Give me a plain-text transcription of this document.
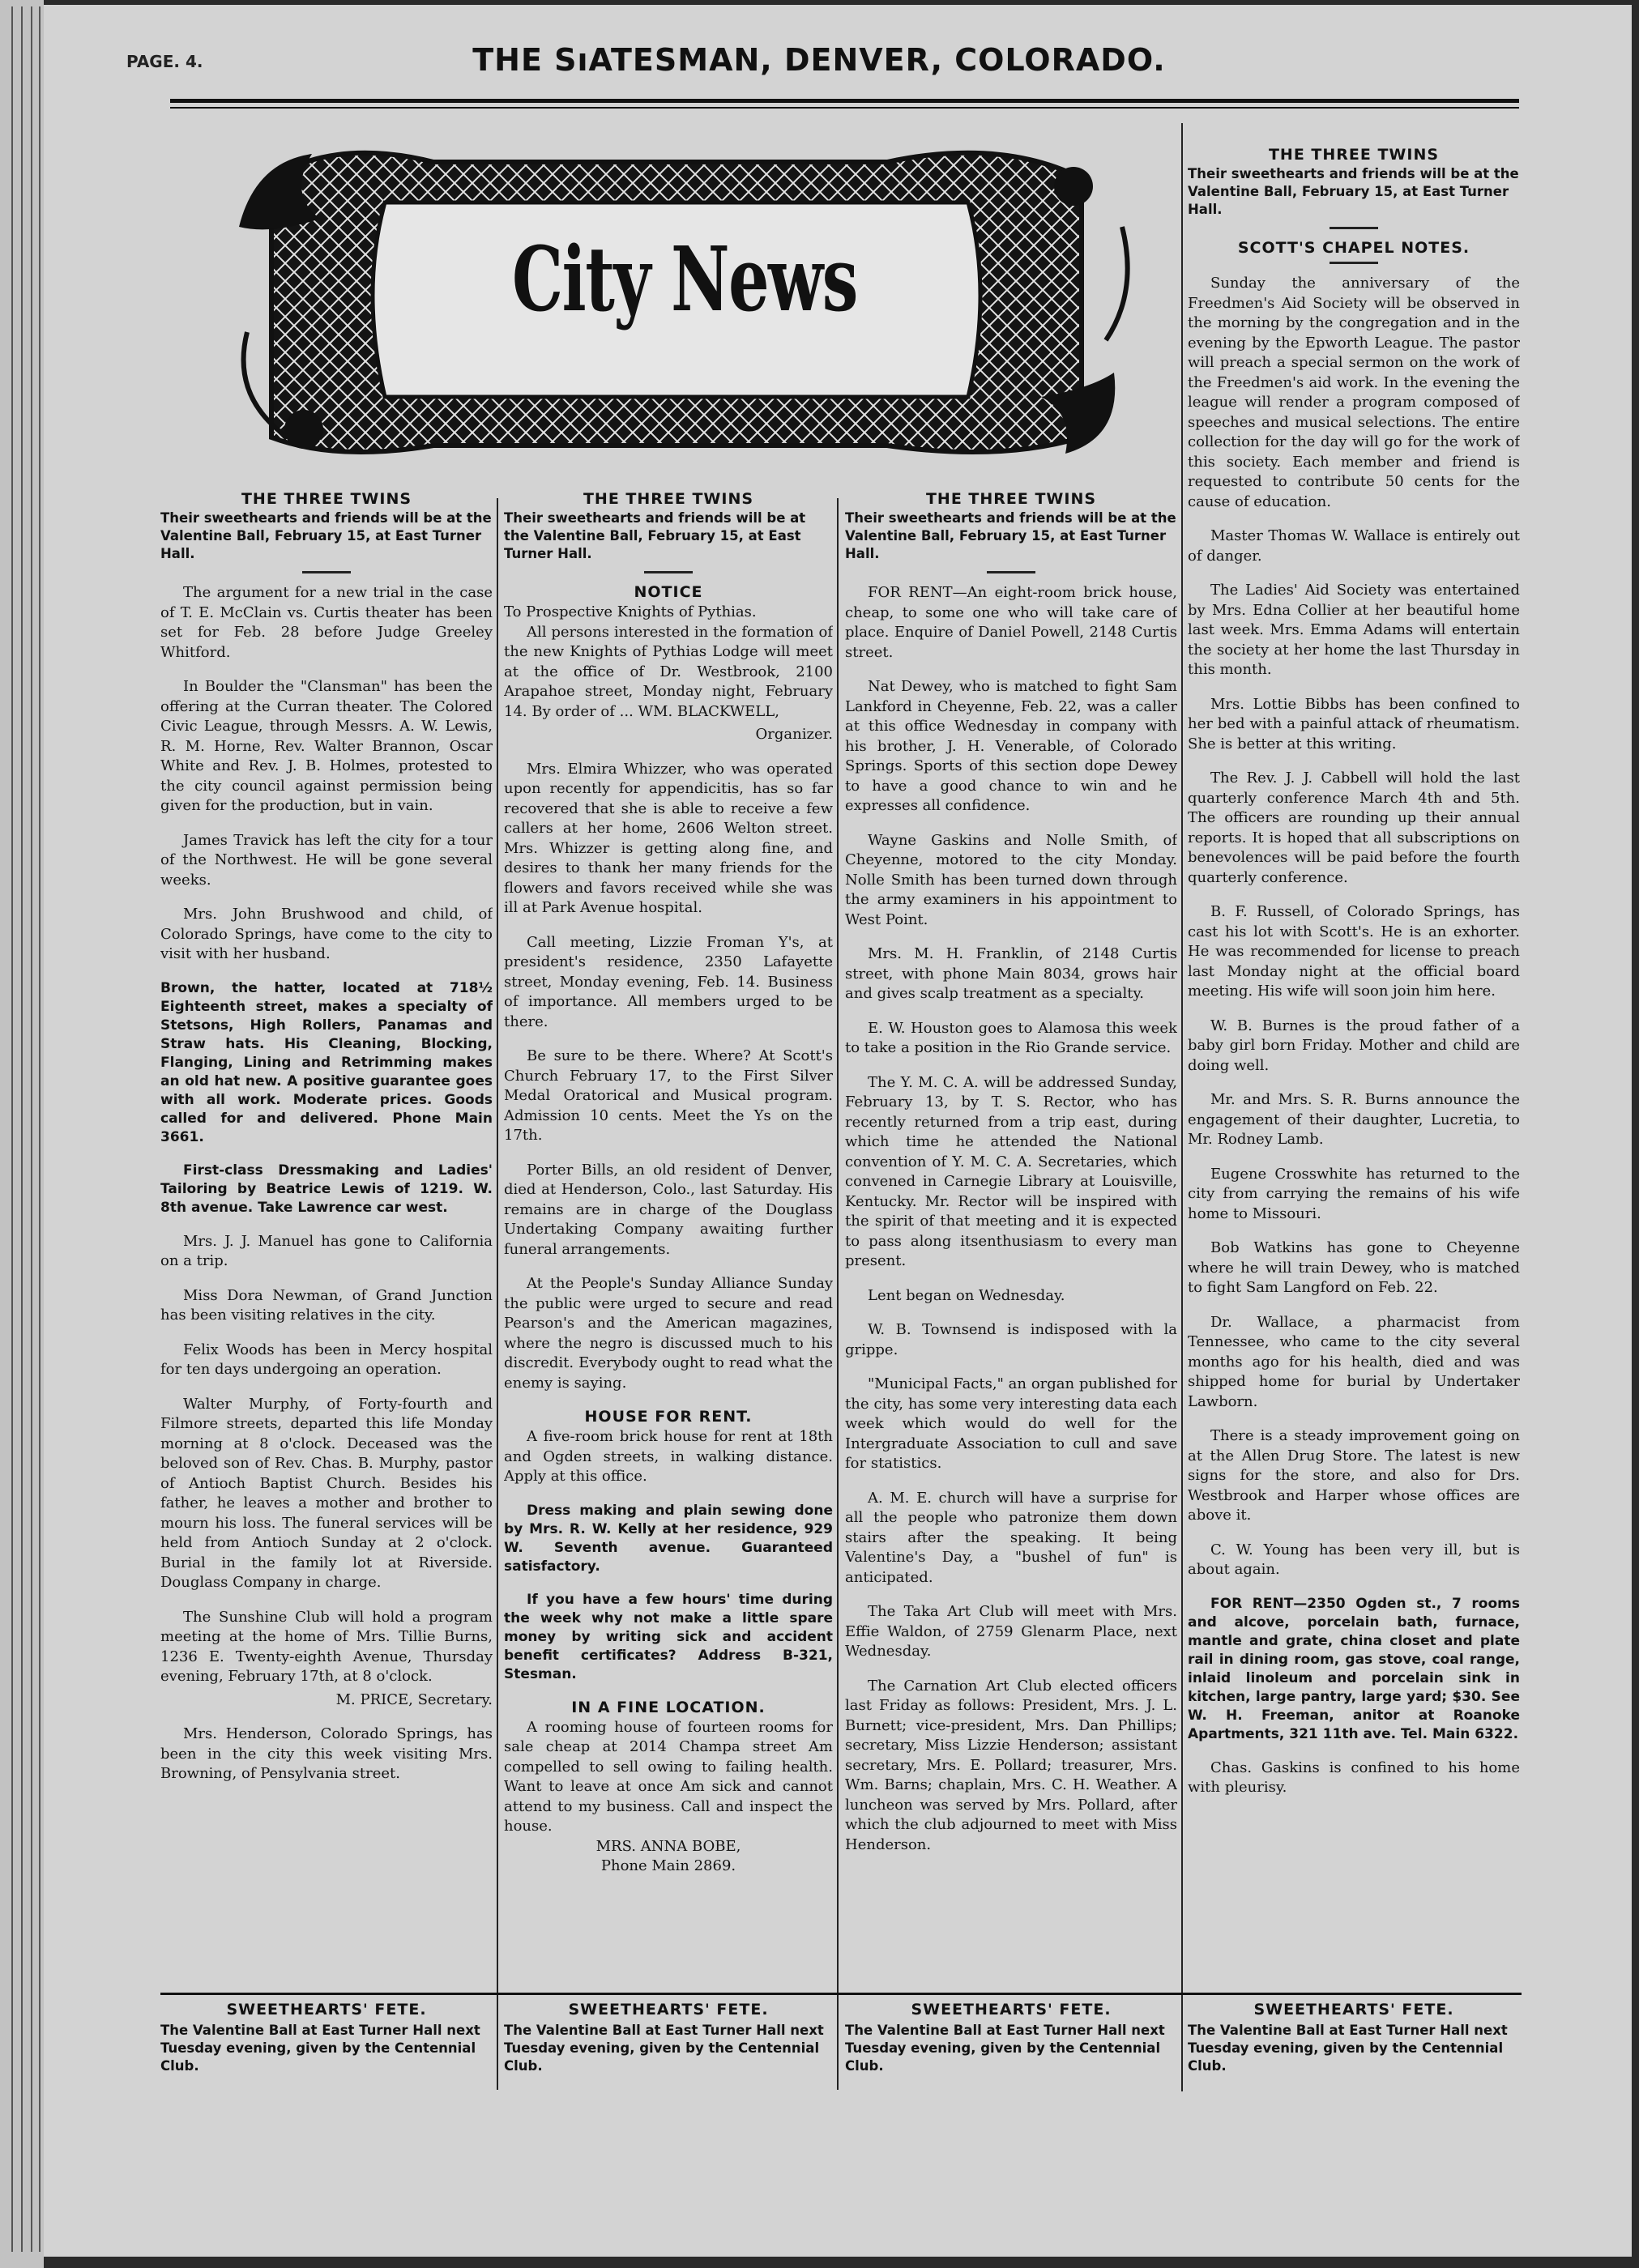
PAGE. 4.	THE SıATESMAN, DENVER, COLORADO.
City News
THE THREE TWINS
Their sweethearts and friends will be at the Valentine Ball, February 15, at East Turner Hall.

The argument for a new trial in the case of T. E. McClain vs. Curtis theater has been set for Feb. 28 before Judge Greeley Whitford.

In Boulder the "Clansman" has been the offering at the Curran theater. The Colored Civic League, through Messrs. A. W. Lewis, R. M. Horne, Rev. Walter Brannon, Oscar White and Rev. J. B. Holmes, protested to the city council against permission being given for the production, but in vain.

James Travick has left the city for a tour of the Northwest. He will be gone several weeks.

Mrs. John Brushwood and child, of Colorado Springs, have come to the city to visit with her husband.

Brown, the hatter, located at 718½ Eighteenth street, makes a specialty of Stetsons, High Rollers, Panamas and Straw hats. His Cleaning, Blocking, Flanging, Lining and Retrimming makes an old hat new. A positive guarantee goes with all work. Moderate prices. Goods called for and delivered. Phone Main 3661.

First-class Dressmaking and Ladies' Tailoring by Beatrice Lewis of 1219. W. 8th avenue. Take Lawrence car west.

Mrs. J. J. Manuel has gone to California on a trip.

Miss Dora Newman, of Grand Junction has been visiting relatives in the city.

Felix Woods has been in Mercy hospital for ten days undergoing an operation.

Walter Murphy, of Forty-fourth and Filmore streets, departed this life Monday morning at 8 o'clock. Deceased was the beloved son of Rev. Chas. B. Murphy, pastor of Antioch Baptist Church. Besides his father, he leaves a mother and brother to mourn his loss. The funeral services will be held from Antioch Sunday at 2 o'clock. Burial in the family lot at Riverside. Douglass Company in charge.

The Sunshine Club will hold a program meeting at the home of Mrs. Tillie Burns, 1236 E. Twenty-eighth Avenue, Thursday evening, February 17th, at 8 o'clock.

M. PRICE, Secretary.

Mrs. Henderson, Colorado Springs, has been in the city this week visiting Mrs. Browning, of Pensylvania street.

THE THREE TWINS
Their sweethearts and friends will be at the Valentine Ball, February 15, at East Turner Hall.
NOTICE

To Prospective Knights of Pythias.

All persons interested in the formation of the new Knights of Pythias Lodge will meet at the office of Dr. Westbrook, 2100 Arapahoe street, Monday night, February 14. By order of ... WM. BLACKWELL,

Organizer.

Mrs. Elmira Whizzer, who was operated upon recently for appendicitis, has so far recovered that she is able to receive a few callers at her home, 2606 Welton street. Mrs. Whizzer is getting along fine, and desires to thank her many friends for the flowers and favors received while she was ill at Park Avenue hospital.

Call meeting, Lizzie Froman Y's, at president's residence, 2350 Lafayette street, Monday evening, Feb. 14. Business of importance. All members urged to be there.

Be sure to be there. Where? At Scott's Church February 17, to the First Silver Medal Oratorical and Musical program. Admission 10 cents. Meet the Ys on the 17th.

Porter Bills, an old resident of Denver, died at Henderson, Colo., last Saturday. His remains are in charge of the Douglass Undertaking Company awaiting further funeral arrangements.

At the People's Sunday Alliance Sunday the public were urged to secure and read Pearson's and the American magazines, where the negro is discussed much to his discredit. Everybody ought to read what the enemy is saying.

HOUSE FOR RENT.

A five-room brick house for rent at 18th and Ogden streets, in walking distance. Apply at this office.

Dress making and plain sewing done by Mrs. R. W. Kelly at her residence, 929 W. Seventh avenue. Guaranteed satisfactory.

If you have a few hours' time during the week why not make a little spare money by writing sick and accident benefit certificates? Address B-321, Stesman.

IN A FINE LOCATION.

A rooming house of fourteen rooms for sale cheap at 2014 Champa street Am compelled to sell owing to failing health. Want to leave at once Am sick and cannot attend to my business. Call and inspect the house.

MRS. ANNA BOBE,

Phone Main 2869.

THE THREE TWINS
Their sweethearts and friends will be at the Valentine Ball, February 15, at East Turner Hall.

FOR RENT—An eight-room brick house, cheap, to some one who will take care of place. Enquire of Daniel Powell, 2148 Curtis street.

Nat Dewey, who is matched to fight Sam Lankford in Cheyenne, Feb. 22, was a caller at this office Wednesday in company with his brother, J. H. Venerable, of Colorado Springs. Sports of this section dope Dewey to have a good chance to win and he expresses all confidence.

Wayne Gaskins and Nolle Smith, of Cheyenne, motored to the city Monday. Nolle Smith has been turned down through the army examiners in his appointment to West Point.

Mrs. M. H. Franklin, of 2148 Curtis street, with phone Main 8034, grows hair and gives scalp treatment as a specialty.

E. W. Houston goes to Alamosa this week to take a position in the Rio Grande service.

The Y. M. C. A. will be addressed Sunday, February 13, by T. S. Rector, who has recently returned from a trip east, during which time he attended the National convention of Y. M. C. A. Secretaries, which convened in Carnegie Library at Louisville, Kentucky. Mr. Rector will be inspired with the spirit of that meeting and it is expected to pass along itsenthusiasm to every man present.

Lent began on Wednesday.

W. B. Townsend is indisposed with la grippe.

"Municipal Facts," an organ published for the city, has some very interesting data each week which would do well for the Intergraduate Association to cull and save for statistics.

A. M. E. church will have a surprise for all the people who patronize them down stairs after the speaking. It being Valentine's Day, a "bushel of fun" is anticipated.

The Taka Art Club will meet with Mrs. Effie Waldon, of 2759 Glenarm Place, next Wednesday.

The Carnation Art Club elected officers last Friday as follows: President, Mrs. J. L. Burnett; vice-president, Mrs. Dan Phillips; secretary, Miss Lizzie Henderson; assistant secretary, Mrs. E. Pollard; treasurer, Mrs. Wm. Barns; chaplain, Mrs. C. H. Weather. A luncheon was served by Mrs. Pollard, after which the club adjourned to meet with Miss Henderson.

THE THREE TWINS
Their sweethearts and friends will be at the Valentine Ball, February 15, at East Turner Hall.
SCOTT'S CHAPEL NOTES.

Sunday the anniversary of the Freedmen's Aid Society will be observed in the morning by the congregation and in the evening by the Epworth League. The pastor will preach a special sermon on the work of the Freedmen's aid work. In the evening the league will render a program composed of speeches and musical selections. The entire collection for the day will go for the work of this society. Each member and friend is requested to contribute 50 cents for the cause of education.

Master Thomas W. Wallace is entirely out of danger.

The Ladies' Aid Society was entertained by Mrs. Edna Collier at her beautiful home last week. Mrs. Emma Adams will entertain the society at her home the last Thursday in this month.

Mrs. Lottie Bibbs has been confined to her bed with a painful attack of rheumatism. She is better at this writing.

The Rev. J. J. Cabbell will hold the last quarterly conference March 4th and 5th. The officers are rounding up their annual reports. It is hoped that all subscriptions on benevolences will be paid before the fourth quarterly conference.

B. F. Russell, of Colorado Springs, has cast his lot with Scott's. He is an exhorter. He was recommended for license to preach last Monday night at the official board meeting. His wife will soon join him here.

W. B. Burnes is the proud father of a baby girl born Friday. Mother and child are doing well.

Mr. and Mrs. S. R. Burns announce the engagement of their daughter, Lucretia, to Mr. Rodney Lamb.

Eugene Crosswhite has returned to the city from carrying the remains of his wife home to Missouri.

Bob Watkins has gone to Cheyenne where he will train Dewey, who is matched to fight Sam Langford on Feb. 22.

Dr. Wallace, a pharmacist from Tennessee, who came to the city several months ago for his health, died and was shipped home for burial by Undertaker Lawborn.

There is a steady improvement going on at the Allen Drug Store. The latest is new signs for the store, and also for Drs. Westbrook and Harper whose offices are above it.

C. W. Young has been very ill, but is about again.

FOR RENT—2350 Ogden st., 7 rooms and alcove, porcelain bath, furnace, mantle and grate, china closet and plate rail in dining room, gas stove, coal range, inlaid linoleum and porcelain sink in kitchen, large pantry, large yard; $30. See W. H. Freeman, anitor at Roanoke Apartments, 321 11th ave. Tel. Main 6322.

Chas. Gaskins is confined to his home with pleurisy.

SWEETHEARTS' FETE.
The Valentine Ball at East Turner Hall next Tuesday evening, given by the Centennial Club.
SWEETHEARTS' FETE.
The Valentine Ball at East Turner Hall next Tuesday evening, given by the Centennial Club.
SWEETHEARTS' FETE.
The Valentine Ball at East Turner Hall next Tuesday evening, given by the Centennial Club.
SWEETHEARTS' FETE.
The Valentine Ball at East Turner Hall next Tuesday evening, given by the Centennial Club.
